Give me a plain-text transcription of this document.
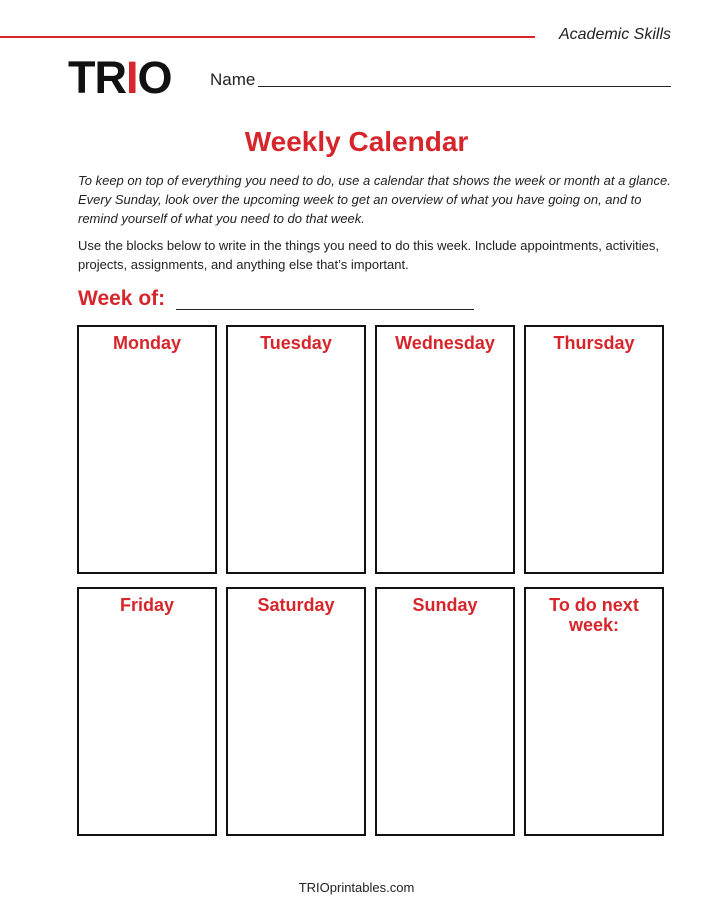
Academic Skills
TRIO Name
Weekly Calendar

To keep on top of everything you need to do, use a calendar that shows the week or month at a glance. Every Sunday, look over the upcoming week to get an overview of what you have going on, and to remind yourself of what you need to do that week.

Use the blocks below to write in the things you need to do this week. Include appointments, activities, projects, assignments, and anything else that’s important.

Week of:
Monday	Tuesday	Wednesday	Thursday
Friday	Saturday	Sunday	To do next week:
TRIOprintables.com
